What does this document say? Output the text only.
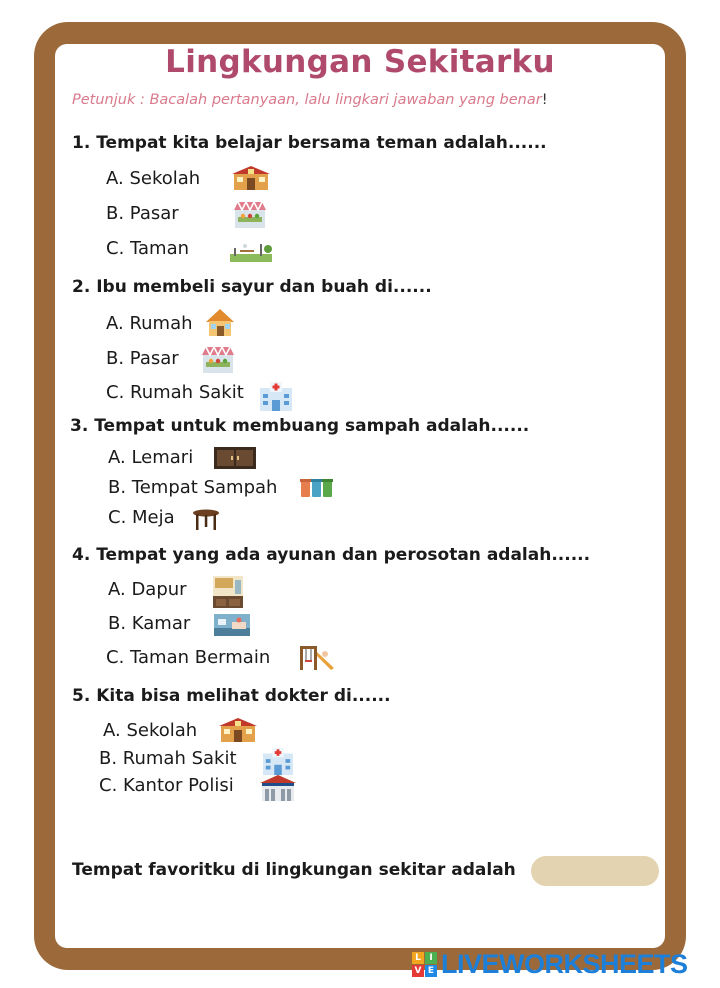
Lingkungan Sekitarku
Petunjuk : Bacalah pertanyaan, lalu lingkari jawaban yang benar!
1. Tempat kita belajar bersama teman adalah......
A. Sekolah
B. Pasar
C. Taman
2. Ibu membeli sayur dan buah di......
A. Rumah
B. Pasar
C. Rumah Sakit
3. Tempat untuk membuang sampah adalah......
A. Lemari
B. Tempat Sampah
C. Meja
4. Tempat yang ada ayunan dan perosotan adalah......
A. Dapur
B. Kamar
C. Taman Bermain
5. Kita bisa melihat dokter di......
A. Sekolah
B. Rumah Sakit
C. Kantor Polisi
Tempat favoritku di lingkungan sekitar adalah
L I
V E LIVEWORKSHEETS
